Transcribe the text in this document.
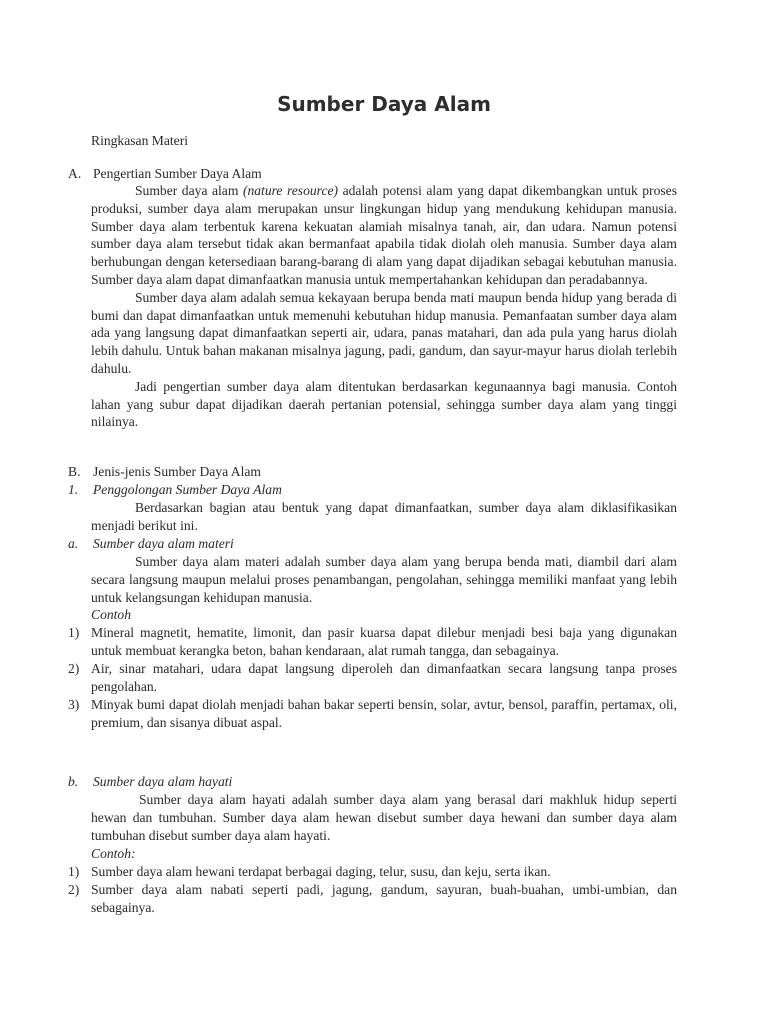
Sumber Daya Alam

Ringkasan Materi

A. Pengertian Sumber Daya Alam

Sumber daya alam (nature resource) adalah potensi alam yang dapat dikembangkan untuk proses produksi, sumber daya alam merupakan unsur lingkungan hidup yang mendukung kehidupan manusia. Sumber daya alam terbentuk karena kekuatan alamiah misalnya tanah, air, dan udara. Namun potensi sumber daya alam tersebut tidak akan bermanfaat apabila tidak diolah oleh manusia. Sumber daya alam berhubungan dengan ketersediaan barang-barang di alam yang dapat dijadikan sebagai kebutuhan manusia. Sumber daya alam dapat dimanfaatkan manusia untuk mempertahankan kehidupan dan peradabannya.

Sumber daya alam adalah semua kekayaan berupa benda mati maupun benda hidup yang berada di bumi dan dapat dimanfaatkan untuk memenuhi kebutuhan hidup manusia. Pemanfaatan sumber daya alam ada yang langsung dapat dimanfaatkan seperti air, udara, panas matahari, dan ada pula yang harus diolah lebih dahulu. Untuk bahan makanan misalnya jagung, padi, gandum, dan sayur-mayur harus diolah terlebih dahulu.

Jadi pengertian sumber daya alam ditentukan berdasarkan kegunaannya bagi manusia. Contoh lahan yang subur dapat dijadikan daerah pertanian potensial, sehingga sumber daya alam yang tinggi nilainya.

B. Jenis-jenis Sumber Daya Alam

1. Penggolongan Sumber Daya Alam

Berdasarkan bagian atau bentuk yang dapat dimanfaatkan, sumber daya alam diklasifikasikan menjadi berikut ini.

a. Sumber daya alam materi

Sumber daya alam materi adalah sumber daya alam yang berupa benda mati, diambil dari alam secara langsung maupun melalui proses penambangan, pengolahan, sehingga memiliki manfaat yang lebih untuk kelangsungan kehidupan manusia.

Contoh

1) Mineral magnetit, hematite, limonit, dan pasir kuarsa dapat dilebur menjadi besi baja yang digunakan untuk membuat kerangka beton, bahan kendaraan, alat rumah tangga, dan sebagainya.

2) Air, sinar matahari, udara dapat langsung diperoleh dan dimanfaatkan secara langsung tanpa proses pengolahan.

3) Minyak bumi dapat diolah menjadi bahan bakar seperti bensin, solar, avtur, bensol, paraffin, pertamax, oli, premium, dan sisanya dibuat aspal.

b. Sumber daya alam hayati

Sumber daya alam hayati adalah sumber daya alam yang berasal dari makhluk hidup seperti hewan dan tumbuhan. Sumber daya alam hewan disebut sumber daya hewani dan sumber daya alam tumbuhan disebut sumber daya alam hayati.

Contoh:

1) Sumber daya alam hewani terdapat berbagai daging, telur, susu, dan keju, serta ikan.

2) Sumber daya alam nabati seperti padi, jagung, gandum, sayuran, buah-buahan, umbi-umbian, dan sebagainya.
